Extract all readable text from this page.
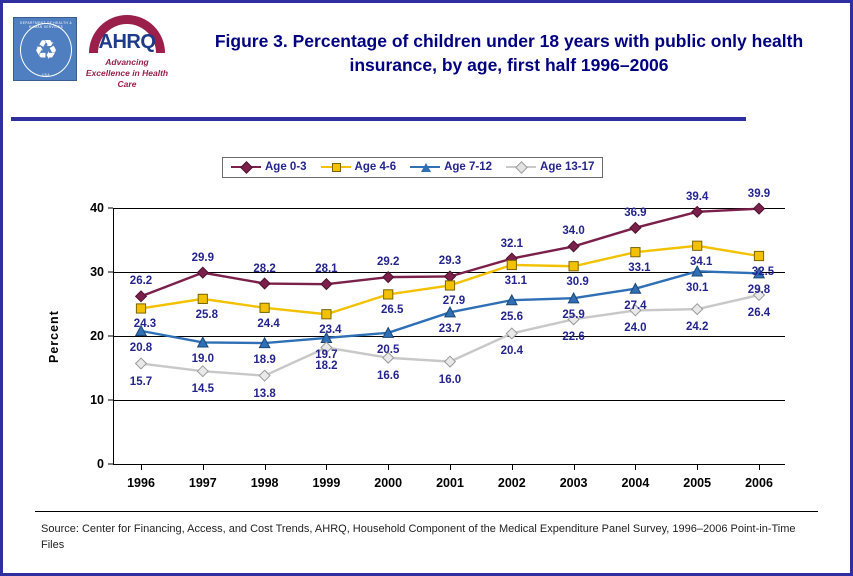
DEPARTMENT OF HEALTH & HUMAN SERVICES
USA
♻	AHRQ
Advancing Excellence in Health Care
Figure 3. Percentage of children under 18 years with public only health insurance, by age, first half 1996–2006
Age 0-3	Age 4-6	Age 7-12	Age 13-17
Percent
0
10
20
30
40
1996	1997	1998	1999	2000	2001	2002	2003	2004	2005	2006
26.2
29.9
28.2	28.1
29.2	29.3
32.1
34.0
36.9
39.4	39.9
24.3
25.8
24.4
23.4
26.5
27.9
31.1	30.9
33.1
34.1
32.5
20.8
19.0	18.9	19.7	20.5
23.7
25.6	25.9
27.4
30.1	29.8
15.7
14.5	13.8
18.2
16.6	16.0
20.4
22.6
24.0	24.2
26.4
Source: Center for Financing, Access, and Cost Trends, AHRQ, Household Component of the Medical Expenditure Panel Survey, 1996–2006 Point-in-Time Files
